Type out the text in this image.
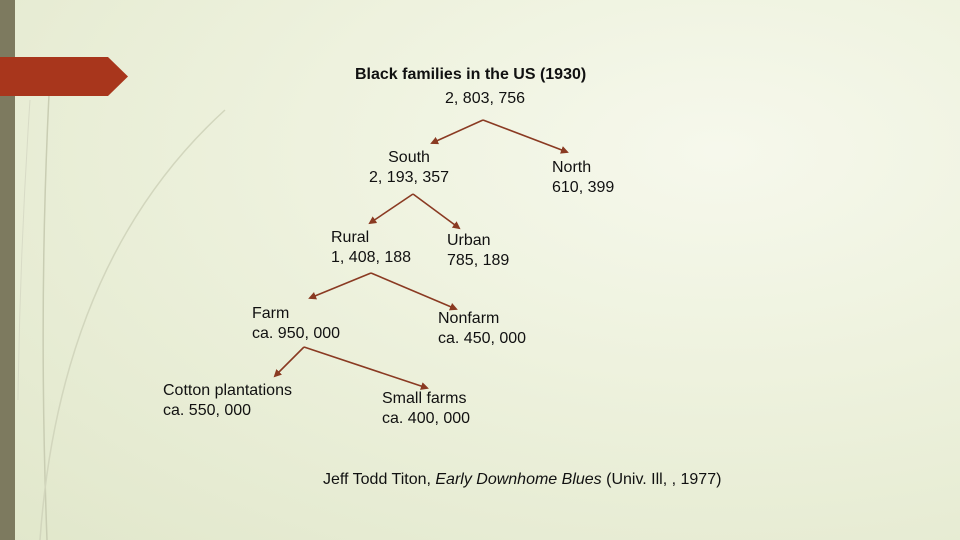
Black families in the US (1930)
2, 803, 756
South
2, 193, 357
North
610, 399
Rural
1, 408, 188
Urban
785, 189
Farm
ca. 950, 000
Nonfarm
ca. 450, 000
Cotton plantations
ca. 550, 000
Small farms
ca. 400, 000
Jeff Todd Titon, Early Downhome Blues (Univ. Ill, , 1977)
